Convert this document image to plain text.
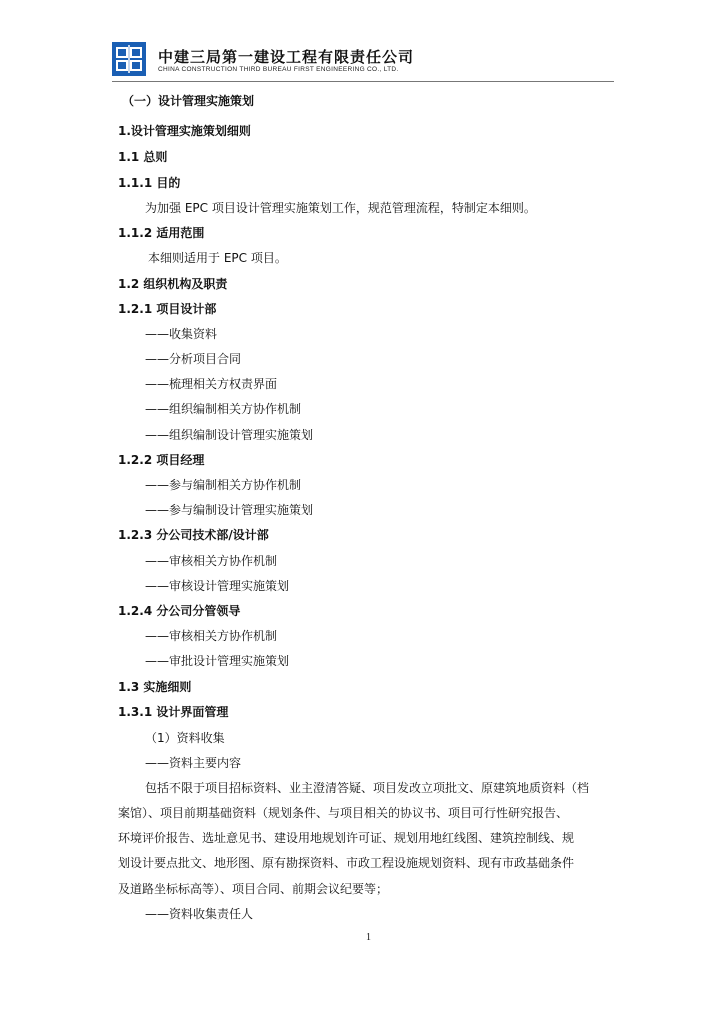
中建三局第一建设工程有限责任公司
CHINA CONSTRUCTION THIRD BUREAU FIRST ENGINEERING CO., LTD.
（一）设计管理实施策划
1.设计管理实施策划细则
1.1 总则
1.1.1 目的
为加强 EPC 项目设计管理实施策划工作，规范管理流程，特制定本细则。
1.1.2 适用范围
本细则适用于 EPC 项目。
1.2 组织机构及职责
1.2.1 项目设计部
——收集资料
——分析项目合同
——梳理相关方权责界面
——组织编制相关方协作机制
——组织编制设计管理实施策划
1.2.2 项目经理
——参与编制相关方协作机制
——参与编制设计管理实施策划
1.2.3 分公司技术部/设计部
——审核相关方协作机制
——审核设计管理实施策划
1.2.4 分公司分管领导
——审核相关方协作机制
——审批设计管理实施策划
1.3 实施细则
1.3.1 设计界面管理
（1）资料收集
——资料主要内容
包括不限于项目招标资料、业主澄清答疑、项目发改立项批文、原建筑地质资料（档
案馆）、项目前期基础资料（规划条件、与项目相关的协议书、项目可行性研究报告、
环境评价报告、选址意见书、建设用地规划许可证、规划用地红线图、建筑控制线、规
划设计要点批文、地形图、原有勘探资料、市政工程设施规划资料、现有市政基础条件
及道路坐标标高等）、项目合同、前期会议纪要等；
——资料收集责任人
1
